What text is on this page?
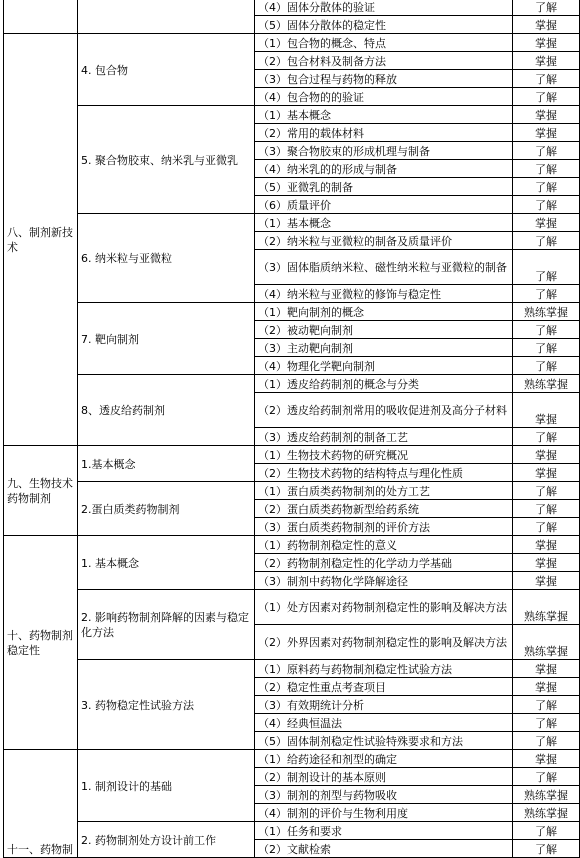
		（4）固体分散体的验证	了解
		（5）固体分散体的稳定性	掌握
八、制剂新技术	4. 包合物	（1）包合物的概念、特点	掌握
		（2）包合材料及制备方法	掌握
		（3）包合过程与药物的释放	了解
		（4）包合物的的验证	了解
	5. 聚合物胶束、纳米乳与亚微乳	（1）基本概念	掌握
		（2）常用的载体材料	掌握
		（3）聚合物胶束的形成机理与制备	了解
		（4）纳米乳的的形成与制备	了解
		（5）亚微乳的制备	了解
		（6）质量评价	了解
	6. 纳米粒与亚微粒	（1）基本概念	掌握
		（2）纳米粒与亚微粒的制备及质量评价	了解
		（3）固体脂质纳米粒、磁性纳米粒与亚微粒的制备	了解
		（4）纳米粒与亚微粒的修饰与稳定性	了解
	7. 靶向制剂	（1）靶向制剂的概念	熟练掌握
		（2）被动靶向制剂	了解
		（3）主动靶向制剂	了解
		（4）物理化学靶向制剂	了解
	8、透皮给药制剂	（1）透皮给药制剂的概念与分类	熟练掌握
		（2）透皮给药制剂常用的吸收促进剂及高分子材料	掌握
		（3）透皮给药制剂的制备工艺	了解
九、生物技术药物制剂	1.基本概念	（1）生物技术药物的研究概况	掌握
		（2）生物技术药物的结构特点与理化性质	掌握
	2.蛋白质类药物制剂	（1）蛋白质类药物制剂的处方工艺	了解
		（2）蛋白质类药物新型给药系统	了解
		（3）蛋白质类药物制剂的评价方法	了解
十、药物制剂稳定性	1. 基本概念	（1）药物制剂稳定性的意义	掌握
		（2）药物制剂稳定性的化学动力学基础	掌握
		（3）制剂中药物化学降解途径	掌握
	2. 影响药物制剂降解的因素与稳定化方法	（1）处方因素对药物制剂稳定性的影响及解决方法	熟练掌握
		（2）外界因素对药物制剂稳定性的影响及解决方法	熟练掌握
	3. 药物稳定性试验方法	（1）原料药与药物制剂稳定性试验方法	掌握
		（2）稳定性重点考查项目	掌握
		（3）有效期统计分析	了解
		（4）经典恒温法	了解
		（5）固体制剂稳定性试验特殊要求和方法	了解
十一、药物制	1. 制剂设计的基础	（1）给药途径和剂型的确定	掌握
		（2）制剂设计的基本原则	了解
		（3）制剂的剂型与药物吸收	熟练掌握
		（4）制剂的评价与生物利用度	熟练掌握
	2. 药物制剂处方设计前工作	（1）任务和要求	了解
		（2）文献检索	了解
